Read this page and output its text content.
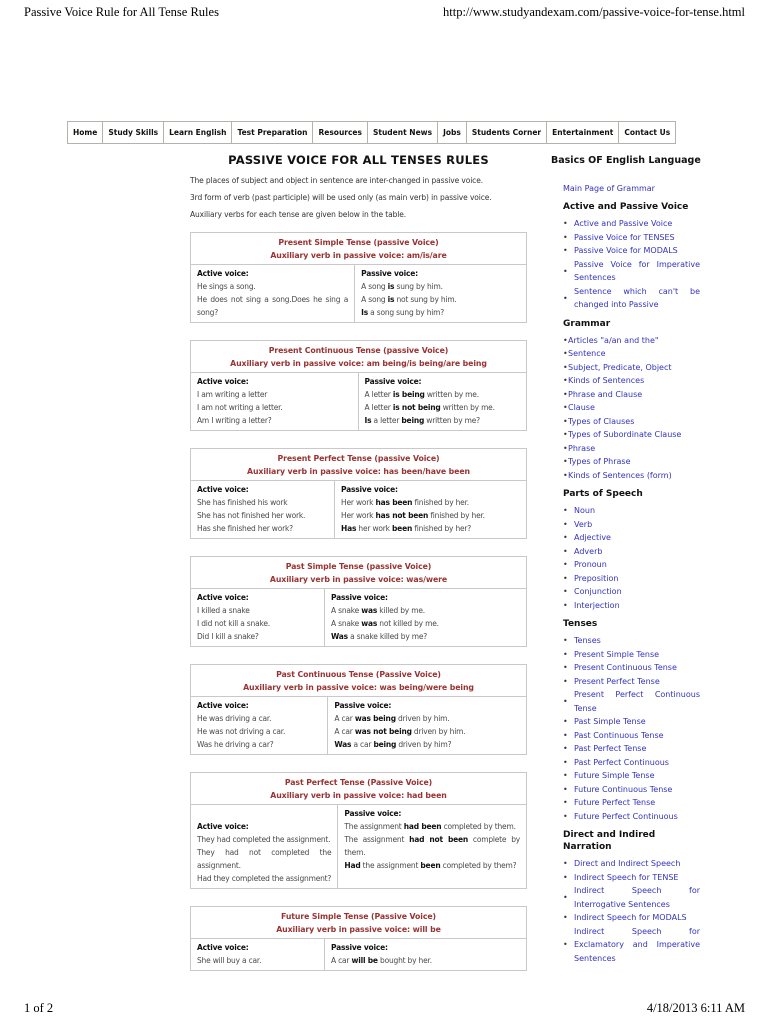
Passive Voice Rule for All Tense Rules	http://www.studyandexam.com/passive-voice-for-tense.html
Home	Study Skills	Learn English	Test Preparation	Resources	Student News	Jobs	Students Corner	Entertainment	Contact Us
PASSIVE VOICE FOR ALL TENSES RULES

The places of subject and object in sentence are inter-changed in passive voice.

3rd form of verb (past participle) will be used only (as main verb) in passive voice.

Auxiliary verbs for each tense are given below in the table.

Present Simple Tense (passive Voice)
Auxiliary verb in passive voice: am/is/are

Active voice:

He sings a song.

He does not sing a song.Does he sing a song?

Passive voice:

A song is sung by him.

A song is not sung by him.

Is a song sung by him?

Present Continuous Tense (passive Voice)
Auxiliary verb in passive voice: am being/is being/are being

Active voice:

I am writing a letter

I am not writing a letter.

Am I writing a letter?

Passive voice:

A letter is being written by me.

A letter is not being written by me.

Is a letter being written by me?

Present Perfect Tense (passive Voice)
Auxiliary verb in passive voice: has been/have been

Active voice:

She has finished his work

She has not finished her work.

Has she finished her work?

Passive voice:

Her work has been finished by her.

Her work has not been finished by her.

Has her work been finished by her?

Past Simple Tense (passive Voice)
Auxiliary verb in passive voice: was/were

Active voice:

I killed a snake

I did not kill a snake.

Did I kill a snake?

Passive voice:

A snake was killed by me.

A snake was not killed by me.

Was a snake killed by me?

Past Continuous Tense (Passive Voice)
Auxiliary verb in passive voice: was being/were being

Active voice:

He was driving a car.

He was not driving a car.

Was he driving a car?

Passive voice:

A car was being driven by him.

A car was not being driven by him.

Was a car being driven by him?

Past Perfect Tense (Passive Voice)
Auxiliary verb in passive voice: had been

Active voice:

They had completed the assignment.

They had not completed the assignment.

Had they completed the assignment?

Passive voice:

The assignment had been completed by them.

The assignment had not been complete by them.

Had the assignment been completed by them?

Future Simple Tense (Passive Voice)
Auxiliary verb in passive voice: will be

Active voice:

She will buy a car.

Passive voice:

A car will be bought by her.

Basics OF English Language
Main Page of Grammar
Active and Passive Voice
• Active and Passive Voice
• Passive Voice for TENSES
• Passive Voice for MODALS
•
Passive Voice for Imperative Sentences
•
Sentence which can't be changed into Passive
Grammar
• Articles "a/an and the"
• Sentence
• Subject, Predicate, Object
• Kinds of Sentences
• Phrase and Clause
• Clause
• Types of Clauses
• Types of Subordinate Clause
• Phrase
• Types of Phrase
• Kinds of Sentences (form)
Parts of Speech
• Noun
• Verb
• Adjective
• Adverb
• Pronoun
• Preposition
• Conjunction
• Interjection
Tenses
• Tenses
• Present Simple Tense
• Present Continuous Tense
• Present Perfect Tense
•
Present Perfect Continuous Tense
• Past Simple Tense
• Past Continuous Tense
• Past Perfect Tense
• Past Perfect Continuous
• Future Simple Tense
• Future Continuous Tense
• Future Perfect Tense
• Future Perfect Continuous
Direct and Indired Narration
• Direct and Indirect Speech
• Indirect Speech for TENSE
•
Indirect Speech for Interrogative Sentences
• Indirect Speech for MODALS
•
Indirect Speech for Exclamatory and Imperative Sentences
1 of 2	4/18/2013 6:11 AM
